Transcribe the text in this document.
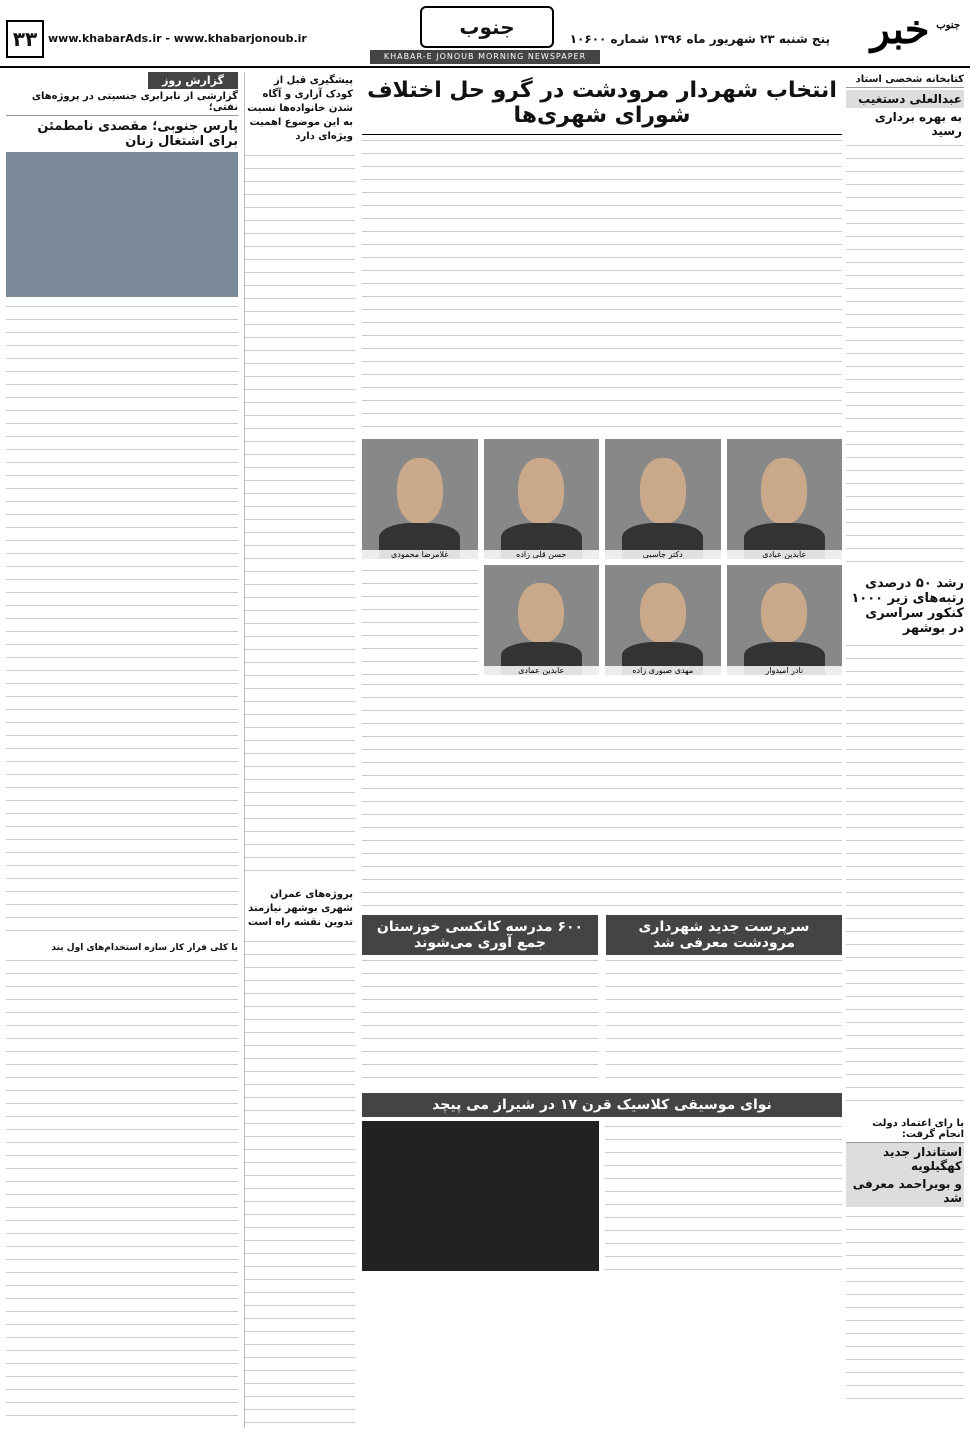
خبر جنوب
پنج شنبه ۲۳ شهریور ماه ۱۳۹۶ شماره ۱۰۶۰۰
جنوب
KHABAR-E JONOUB MORNING NEWSPAPER
www.khabarAds.ir - www.khabarjonoub.ir
۳۳
کتابخانه شخصی استاد
عبدالعلی دستغیب
به بهره برداری رسید
رشد ۵۰ درصدی
رتبه‌های زیر ۱۰۰۰
کنکور سراسری
در بوشهر
با رای اعتماد دولت انجام گرفت:
استاندار جدید کهگیلویه
و بویراحمد معرفی شد
انتخاب شهردار مرودشت در گرو حل اختلاف شورای شهری‌ها
عابدین عبادی
دکتر جاسبی
حسن قلی زاده
غلامرضا محمودی
نادر امیدوار
مهدی صبوری زاده
عابدین عمادی
سرپرست جدید شهرداری مرودشت معرفی شد
۶۰۰ مدرسه کانکسی خوزستان جمع آوری می‌شوند
نوای موسیقی کلاسیک قرن ۱۷ در شیراز می پیچد
پیشگیری قبل از کودک آزاری و آگاه شدن خانواده‌ها نسبت به این موضوع اهمیت ویژه‌ای دارد
پروژه‌های عمران شهری بوشهر نیازمند تدوین نقشه راه است
گزارش روز
گزارشی از نابرابری جنسیتی در پروژه‌های نفتی؛
پارس جنوبی؛ مقصدی نامطمئن برای اشتغال زنان
با کلی فرار کار سازه استخدام‌های اول بند
